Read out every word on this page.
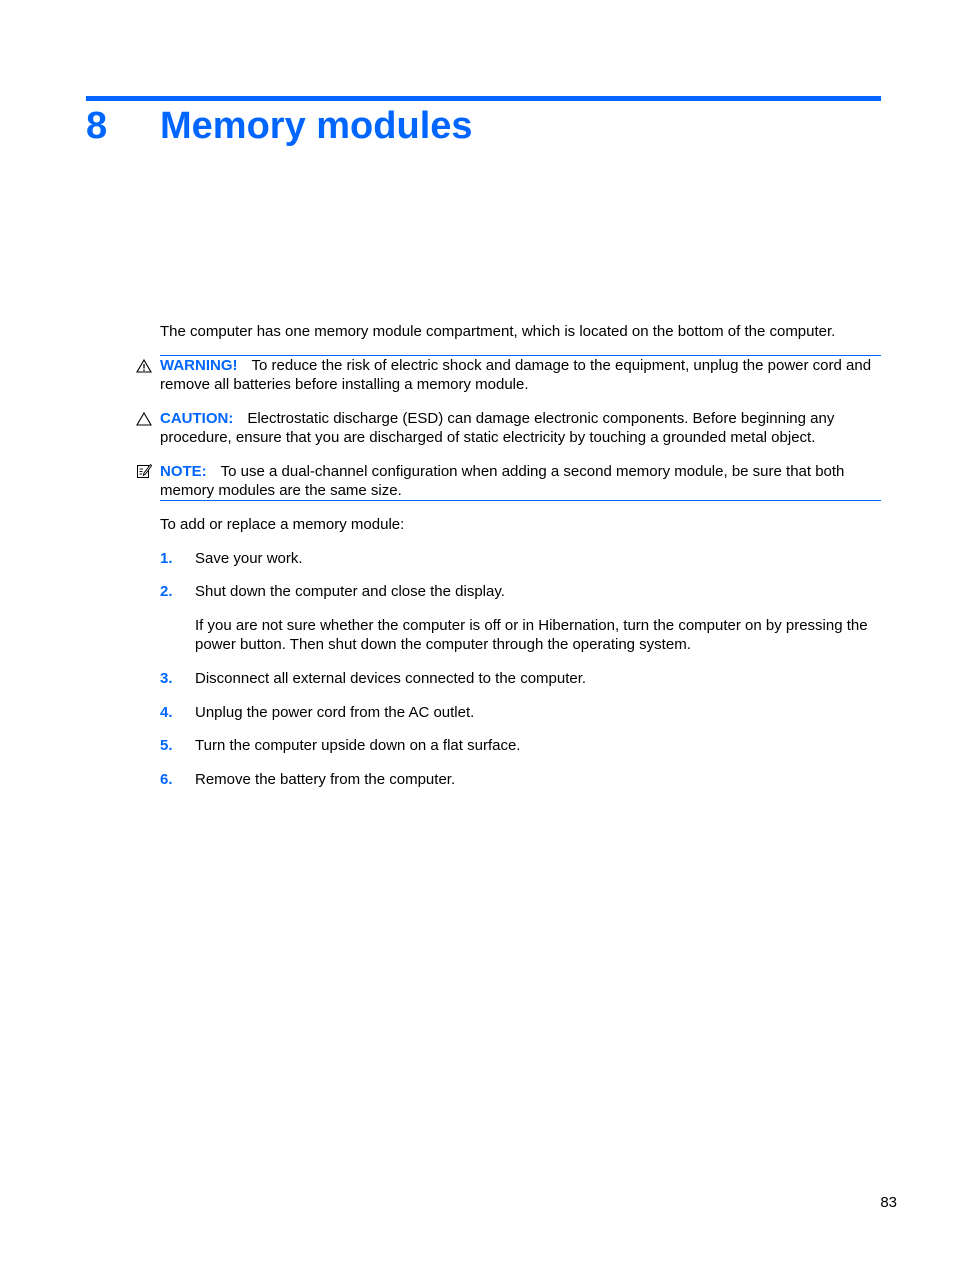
8 Memory modules
The computer has one memory module compartment, which is located on the bottom of the computer.
WARNING! To reduce the risk of electric shock and damage to the equipment, unplug the power cord and remove all batteries before installing a memory module.
CAUTION: Electrostatic discharge (ESD) can damage electronic components. Before beginning any procedure, ensure that you are discharged of static electricity by touching a grounded metal object.
NOTE: To use a dual-channel configuration when adding a second memory module, be sure that both memory modules are the same size.
To add or replace a memory module:
1. Save your work.
2. Shut down the computer and close the display.
If you are not sure whether the computer is off or in Hibernation, turn the computer on by pressing the power button. Then shut down the computer through the operating system.
3. Disconnect all external devices connected to the computer.
4. Unplug the power cord from the AC outlet.
5. Turn the computer upside down on a flat surface.
6. Remove the battery from the computer.
83
